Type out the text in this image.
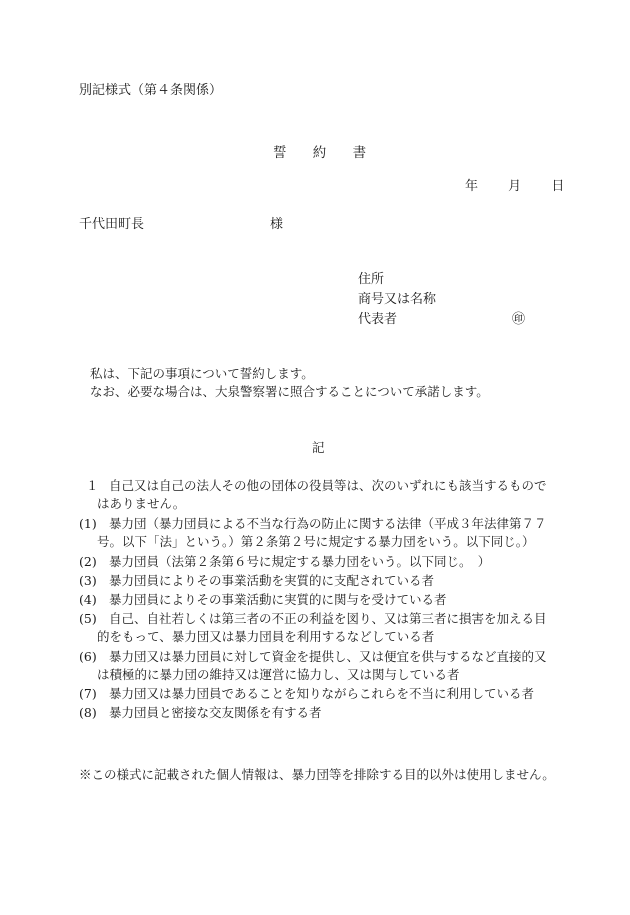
別記様式（第４条関係）
誓 約 書
年 月 日
千代田町長	様
住所
商号又は名称
代表者	㊞
私は、下記の事項について誓約します。
なお、必要な場合は、大泉警察署に照合することについて承諾します。
記
１ 自己又は自己の法人その他の団体の役員等は、次のいずれにも該当するもので
はありません。
(1) 暴力団（暴力団員による不当な行為の防止に関する法律（平成３年法律第７７
号。以下「法」という。）第２条第２号に規定する暴力団をいう。以下同じ。）
(2) 暴力団員（法第２条第６号に規定する暴力団をいう。以下同じ。　）
(3) 暴力団員によりその事業活動を実質的に支配されている者
(4) 暴力団員によりその事業活動に実質的に関与を受けている者
(5) 自己、自社若しくは第三者の不正の利益を図り、又は第三者に損害を加える目
的をもって、暴力団又は暴力団員を利用するなどしている者
(6) 暴力団又は暴力団員に対して資金を提供し、又は便宜を供与するなど直接的又
は積極的に暴力団の維持又は運営に協力し、又は関与している者
(7) 暴力団又は暴力団員であることを知りながらこれらを不当に利用している者
(8) 暴力団員と密接な交友関係を有する者
※この様式に記載された個人情報は、暴力団等を排除する目的以外は使用しません。
